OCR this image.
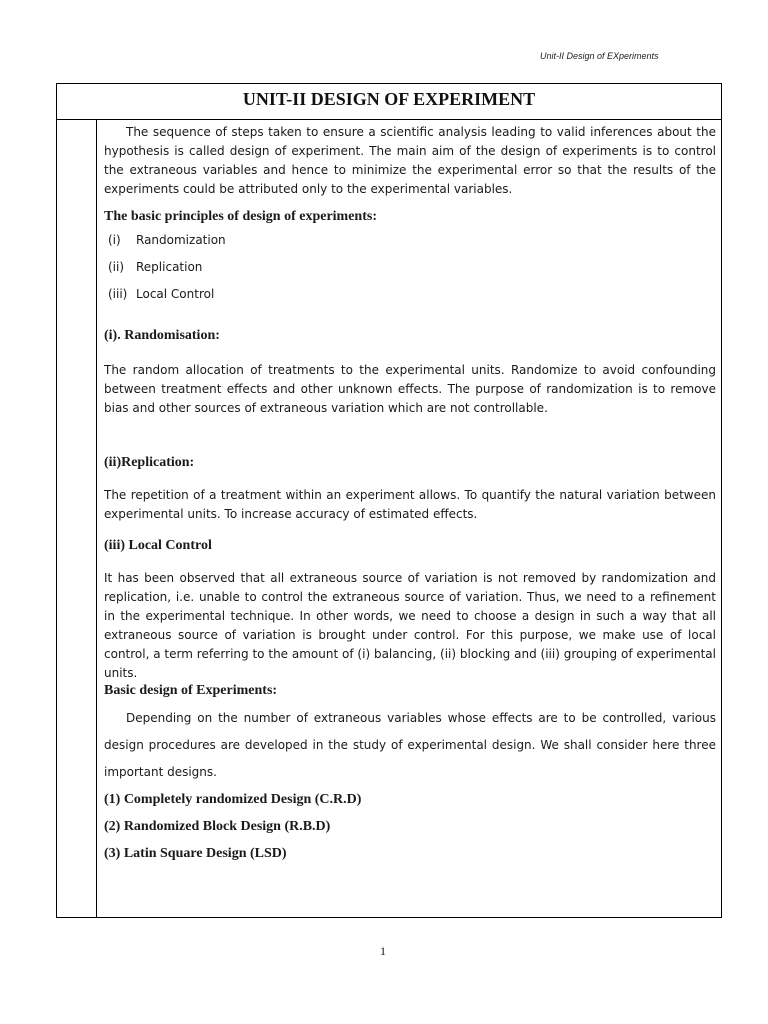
Unit-II Design of EXperiments
UNIT-II DESIGN OF EXPERIMENT

The sequence of steps taken to ensure a scientific analysis leading to valid inferences about the hypothesis is called design of experiment. The main aim of the design of experiments is to control the extraneous variables and hence to minimize the experimental error so that the results of the experiments could be attributed only to the experimental variables.

The basic principles of design of experiments:

(i) Randomization
(ii) Replication
(iii) Local Control

(i). Randomisation:

The random allocation of treatments to the experimental units. Randomize to avoid confounding between treatment effects and other unknown effects. The purpose of randomization is to remove bias and other sources of extraneous variation which are not controllable.

(ii)Replication:

The repetition of a treatment within an experiment allows. To quantify the natural variation between experimental units. To increase accuracy of estimated effects.

(iii) Local Control

It has been observed that all extraneous source of variation is not removed by randomization and replication, i.e. unable to control the extraneous source of variation. Thus, we need to a refinement in the experimental technique. In other words, we need to choose a design in such a way that all extraneous source of variation is brought under control. For this purpose, we make use of local control, a term referring to the amount of (i) balancing, (ii) blocking and (iii) grouping of experimental units.

Basic design of Experiments:

Depending on the number of extraneous variables whose effects are to be controlled, various design procedures are developed in the study of experimental design. We shall consider here three important designs.

(1) Completely randomized Design (C.R.D)

(2) Randomized Block Design (R.B.D)

(3) Latin Square Design (LSD)

1
